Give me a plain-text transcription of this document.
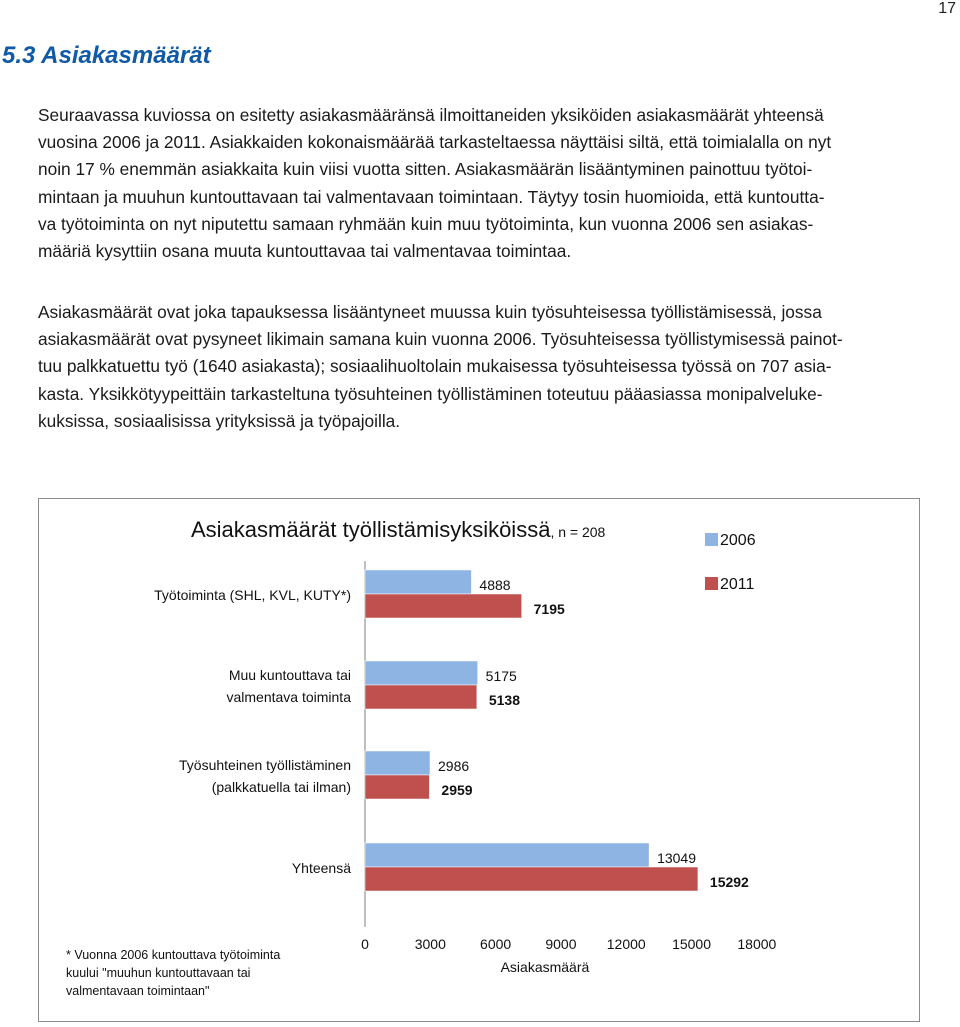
17
5.3 Asiakasmäärät
Seuraavassa kuviossa on esitetty asiakasmääränsä ilmoittaneiden yksiköiden asiakasmäärät yhteensä
vuosina 2006 ja 2011. Asiakkaiden kokonaismäärää tarkasteltaessa näyttäisi siltä, että toimialalla on nyt
noin 17 % enemmän asiakkaita kuin viisi vuotta sitten. Asiakasmäärän lisääntyminen painottuu työtoi-
mintaan ja muuhun kuntouttavaan tai valmentavaan toimintaan. Täytyy tosin huomioida, että kuntoutta-
va työtoiminta on nyt niputettu samaan ryhmään kuin muu työtoiminta, kun vuonna 2006 sen asiakas-
määriä kysyttiin osana muuta kuntouttavaa tai valmentavaa toimintaa.
Asiakasmäärät ovat joka tapauksessa lisääntyneet muussa kuin työsuhteisessa työllistämisessä, jossa
asiakasmäärät ovat pysyneet likimain samana kuin vuonna 2006. Työsuhteisessa työllistymisessä painot-
tuu palkkatuettu työ (1640 asiakasta); sosiaalihuoltolain mukaisessa työsuhteisessa työssä on 707 asia-
kasta. Yksikkötyypeittäin tarkasteltuna työsuhteinen työllistäminen toteutuu pääasiassa monipalveluke-
kuksissa, sosiaalisissa yrityksissä ja työpajoilla.
Asiakasmäärät työllistämisyksiköissä, n = 208
Työtoiminta (SHL, KVL, KUTY*)
4888
7195
Muu kuntouttava tai
valmentava toiminta
5175
5138
Työsuhteinen työllistäminen
(palkkatuella tai ilman)
2986
2959
Yhteensä
13049
15292
0	3000 6000 9000 12000 15000 18000
Asiakasmäärä
2006
2011
* Vuonna 2006 kuntouttava työtoiminta
kuului "muuhun kuntouttavaan tai
valmentavaan toimintaan"
